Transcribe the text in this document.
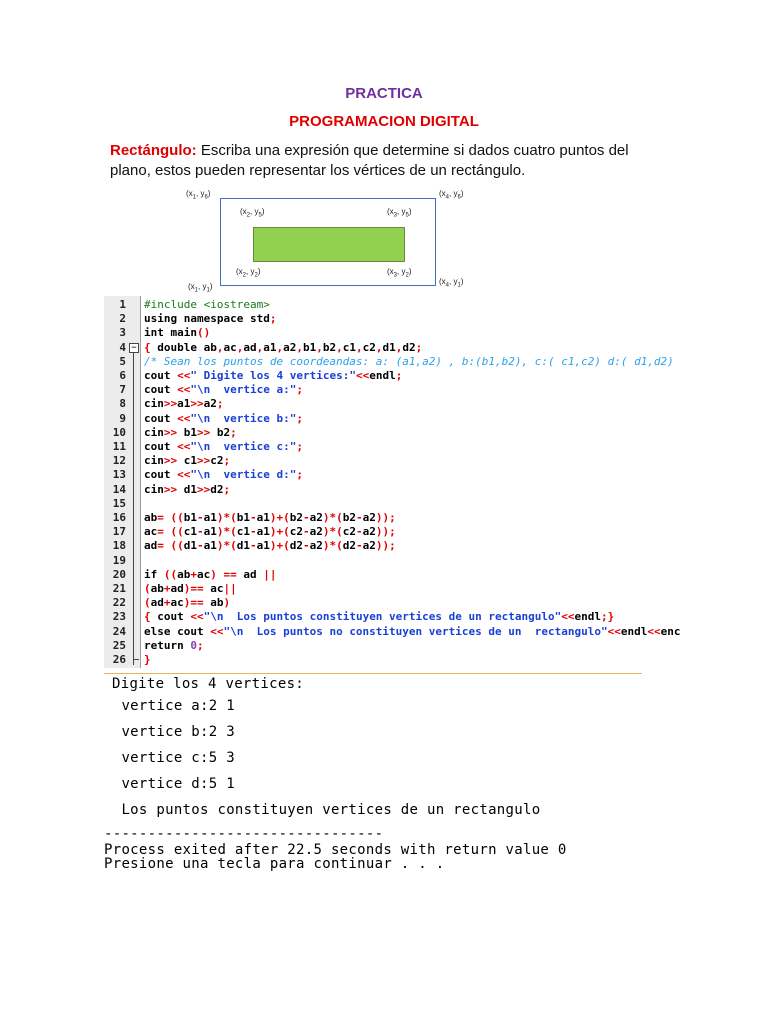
PRACTICA
PROGRAMACION DIGITAL

Rectángulo: Escriba una expresión que determine si dados cuatro puntos del plano, estos pueden representar los vértices de un rectángulo.

($x_1$, $y_6$)	($x_4$, $y_6$)
($x_2$, $y_5$)	($x_3$, $y_5$)
($x_2$, $y_2$)	($x_3$, $y_2$)
($x_1$, $y_1$)
($x_4$, $y_1$)
1 #include <iostream>
2 using namespace std;
3 int main()
4 − { double ab,ac,ad,a1,a2,b1,b2,c1,c2,d1,d2;
5 /* Sean los puntos de coordeandas: a: (a1,a2) , b:(b1,b2), c:( c1,c2) d:( d1,d2)
6 cout <<" Digite los 4 vertices:"<<endl;
7 cout <<"\n  vertice a:";
8 cin>>a1>>a2;
9 cout <<"\n  vertice b:";
10 cin>> b1>> b2;
11 cout <<"\n  vertice c:";
12 cin>> c1>>c2;
13 cout <<"\n  vertice d:";
14 cin>> d1>>d2;
15
16 ab= ((b1-a1)*(b1-a1)+(b2-a2)*(b2-a2));
17 ac= ((c1-a1)*(c1-a1)+(c2-a2)*(c2-a2));
18 ad= ((d1-a1)*(d1-a1)+(d2-a2)*(d2-a2));
19
20 if ((ab+ac) == ad ||
21 (ab+ad)== ac||
22 (ad+ac)== ab)
23 { cout <<"\n  Los puntos constituyen vertices de un rectangulo"<<endl;}
24 else cout <<"\n  Los puntos no constituyen vertices de un  rectangulo"<<endl<<enc
25 return 0;
26 }
Digite los 4 vertices:
vertice a:2 1
vertice b:2 3
vertice c:5 3
vertice d:5 1
Los puntos constituyen vertices de un rectangulo
--------------------------------
Process exited after 22.5 seconds with return value 0
Presione una tecla para continuar . . .
